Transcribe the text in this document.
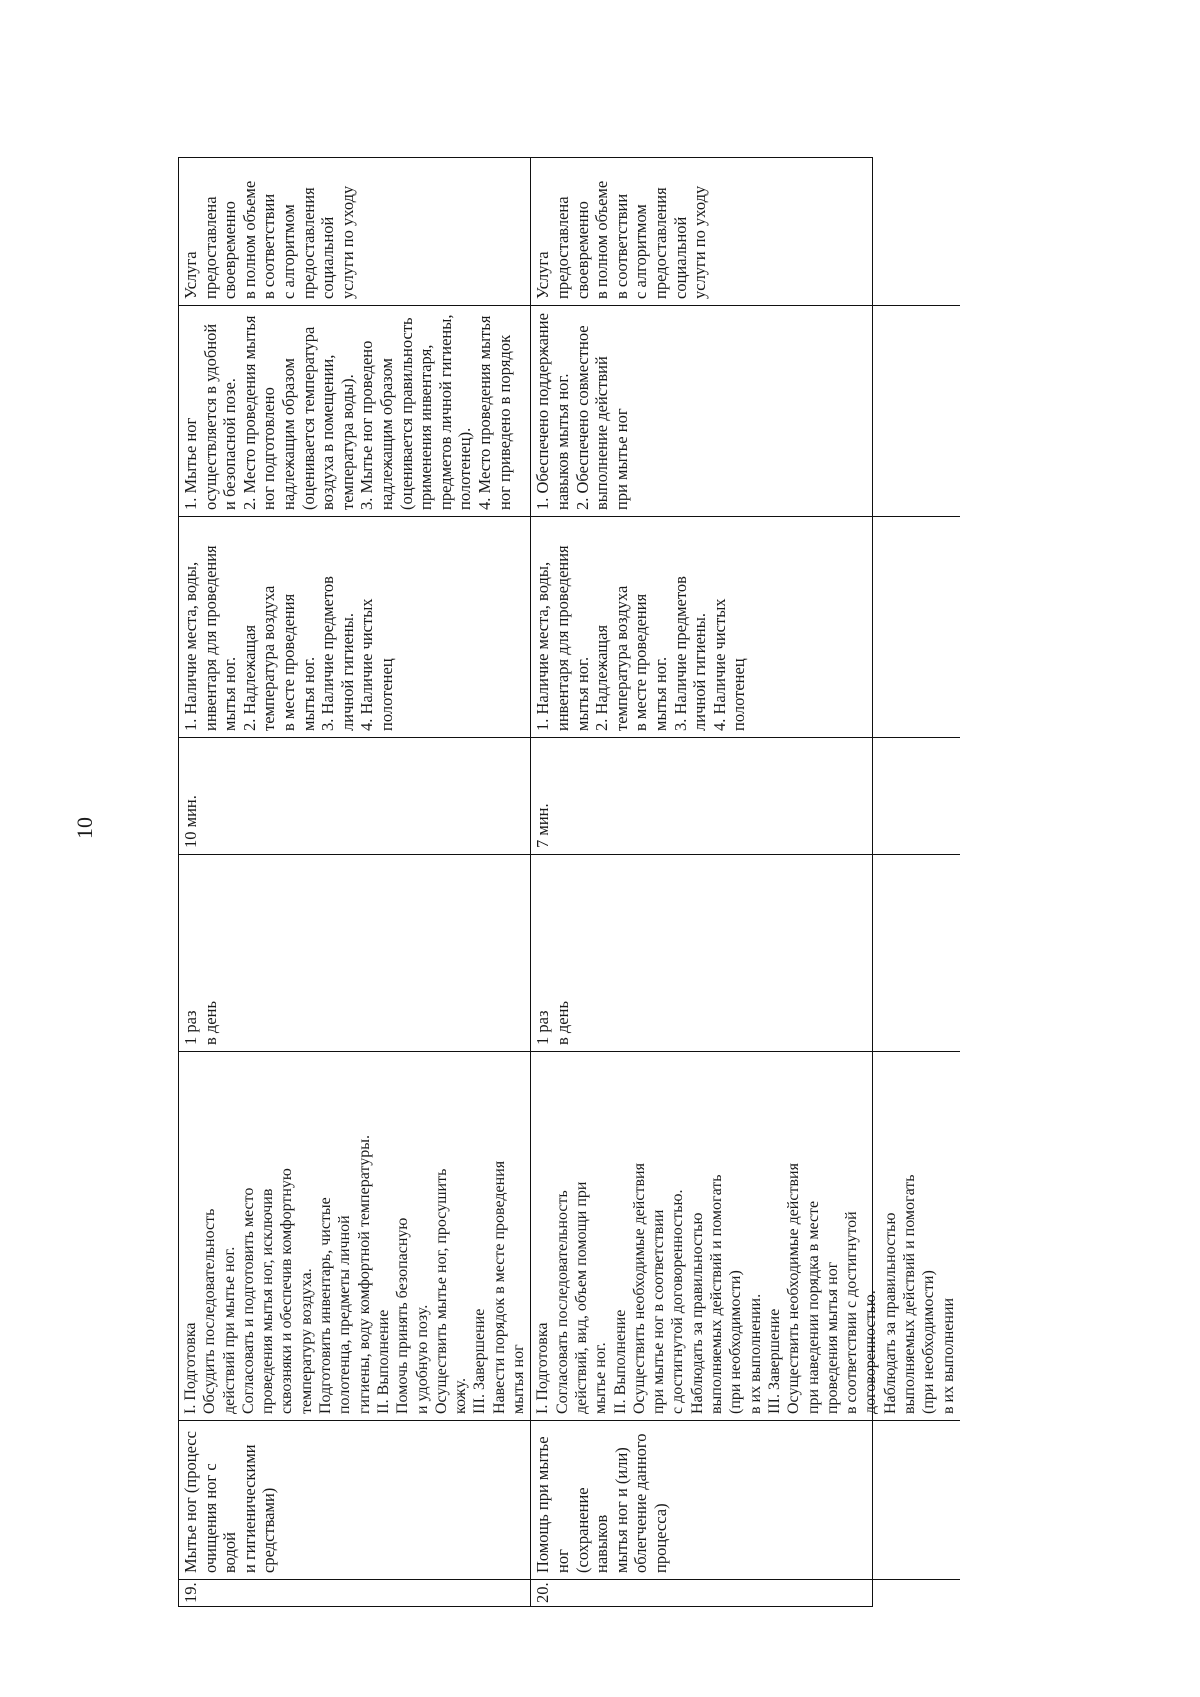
10
19.
Мытье ног (процесс
очищения ног с водой
и гигиеническими
средствами)
I. Подготовка
Обсудить последовательность
действий при мытье ног.
Согласовать и подготовить место
проведения мытья ног, исключив
сквозняки и обеспечив комфортную
температуру воздуха.
Подготовить инвентарь, чистые
полотенца, предметы личной
гигиены, воду комфортной температуры.
II. Выполнение
Помочь принять безопасную
и удобную позу.
Осуществить мытье ног, просушить
кожу.
III. Завершение
Навести порядок в месте проведения
мытья ног
1 раз
в день
10 мин.
1. Наличие места, воды,
инвентаря для проведения
мытья ног.
2. Надлежащая
температура воздуха
в месте проведения
мытья ног.
3. Наличие предметов
личной гигиены.
4. Наличие чистых
полотенец
1. Мытье ног
осуществляется в удобной
и безопасной позе.
2. Место проведения мытья
ног подготовлено
надлежащим образом
(оценивается температура
воздуха в помещении,
температура воды).
3. Мытье ног проведено
надлежащим образом
(оценивается правильность
применения инвентаря,
предметов личной гигиены,
полотенец).
4. Место проведения мытья
ног приведено в порядок
Услуга
предоставлена
своевременно
в полном объеме
в соответствии
с алгоритмом
предоставления
социальной
услуги по уходу
20.
Помощь при мытье ног
(сохранение навыков
мытья ног и (или)
облегчение данного
процесса)
I. Подготовка
Согласовать последовательность
действий, вид, объем помощи при
мытье ног.
II. Выполнение
Осуществить необходимые действия
при мытье ног в соответствии
с достигнутой договоренностью.
Наблюдать за правильностью
выполняемых действий и помогать
(при необходимости)
в их выполнении.
III. Завершение
Осуществить необходимые действия
при наведении порядка в месте
проведения мытья ног
в соответствии с достигнутой
договоренностью.
Наблюдать за правильностью
выполняемых действий и помогать
(при необходимости)
в их выполнении
1 раз
в день
7 мин.
1. Наличие места, воды,
инвентаря для проведения
мытья ног.
2. Надлежащая
температура воздуха
в месте проведения
мытья ног.
3. Наличие предметов
личной гигиены.
4. Наличие чистых
полотенец
1. Обеспечено поддержание
навыков мытья ног.
2. Обеспечено совместное
выполнение действий
при мытье ног
Услуга
предоставлена
своевременно
в полном объеме
в соответствии
с алгоритмом
предоставления
социальной
услуги по уходу
